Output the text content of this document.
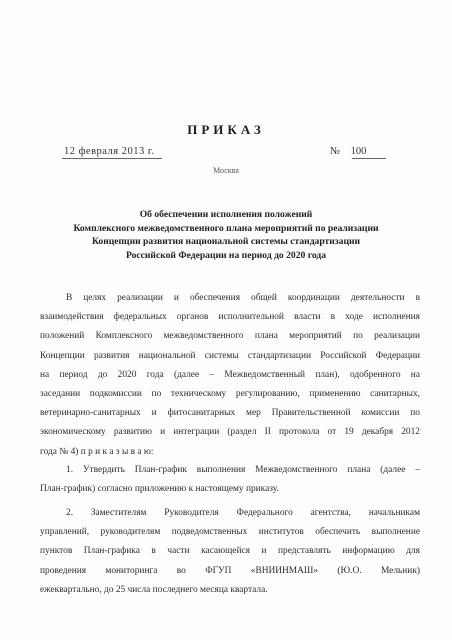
ПРИКАЗ
12 февраля 2013 г.	№ 100
Москва
Об обеспечении исполнения положений
Комплексного межведомственного плана мероприятий по реализации
Концепции развития национальной системы стандартизации
Российской Федерации на период до 2020 года
В целях реализации и обеспечения общей координации деятельности в
взаимодействия федеральных органов исполнительной власти в ходе исполнения
положений Комплексного межведомственного плана мероприятий по реализации
Концепции развития национальной системы стандартизации Российской Федерации
на период до 2020 года (далее – Межведомственный план), одобренного на
заседании подкомиссии по техническому регулированию, применению санитарных,
ветеринарно-санитарных и фитосанитарных мер Правительственной комиссии по
экономическому развитию и интеграции (раздел II протокола от 19 декабря 2012
года № 4) п р и к а з ы в а ю:
1. Утвердить План-график выполнения Межведомственного плана (далее –
План-график) согласно приложению к настоящему приказу.
2. Заместителям Руководителя Федерального агентства, начальникам
управлений, руководителям подведомственных институтов обеспечить выполнение
пунктов План-графика в части касающейся и представлять информацию для
проведения мониторинга во ФГУП «ВНИИНМАШ» (Ю.О. Мельник)
ежеквартально, до 25 числа последнего месяца квартала.
